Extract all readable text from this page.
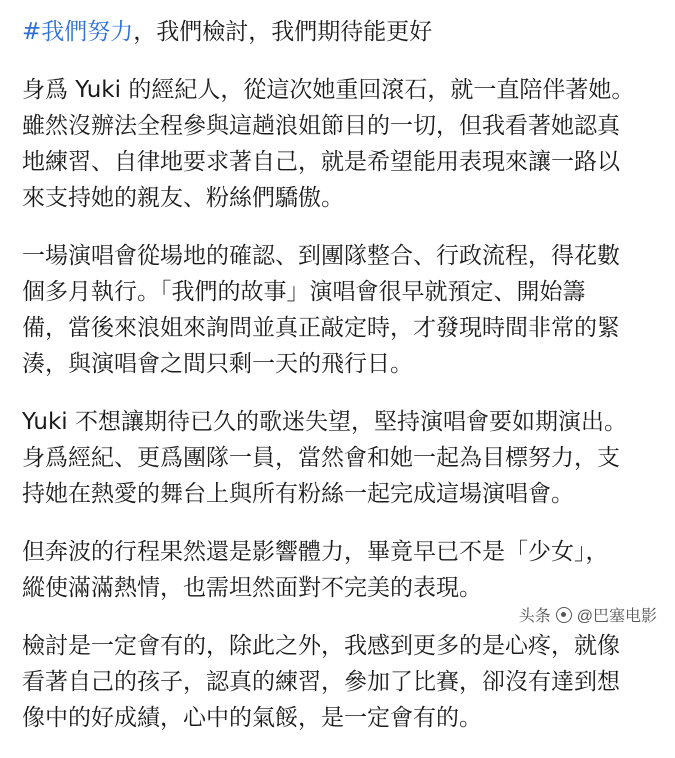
#我們努力，我們檢討，我們期待能更好
身爲 Yuki 的經紀人，從這次她重回滾石，就一直陪伴著她。
雖然沒辦法全程參與這趟浪姐節目的一切，但我看著她認真
地練習、自律地要求著自己，就是希望能用表現來讓一路以
來支持她的親友、粉絲們驕傲。
一場演唱會從場地的確認、到團隊整合、行政流程，得花數
個多月執行。「我們的故事」演唱會很早就預定、開始籌
備，當後來浪姐來詢問並真正敲定時，才發現時間非常的緊
湊，與演唱會之間只剩一天的飛行日。
Yuki 不想讓期待已久的歌迷失望，堅持演唱會要如期演出。
身爲經紀、更爲團隊一員，當然會和她一起為目標努力，支
持她在熱愛的舞台上與所有粉絲一起完成這場演唱會。
但奔波的行程果然還是影響體力，畢竟早已不是「少女」，
縱使滿滿熱情，也需坦然面對不完美的表現。
檢討是一定會有的，除此之外，我感到更多的是心疼，就像
看著自己的孩子，認真的練習，參加了比賽，卻沒有達到想
像中的好成績，心中的氣餒，是一定會有的。
头条 @巴塞电影
